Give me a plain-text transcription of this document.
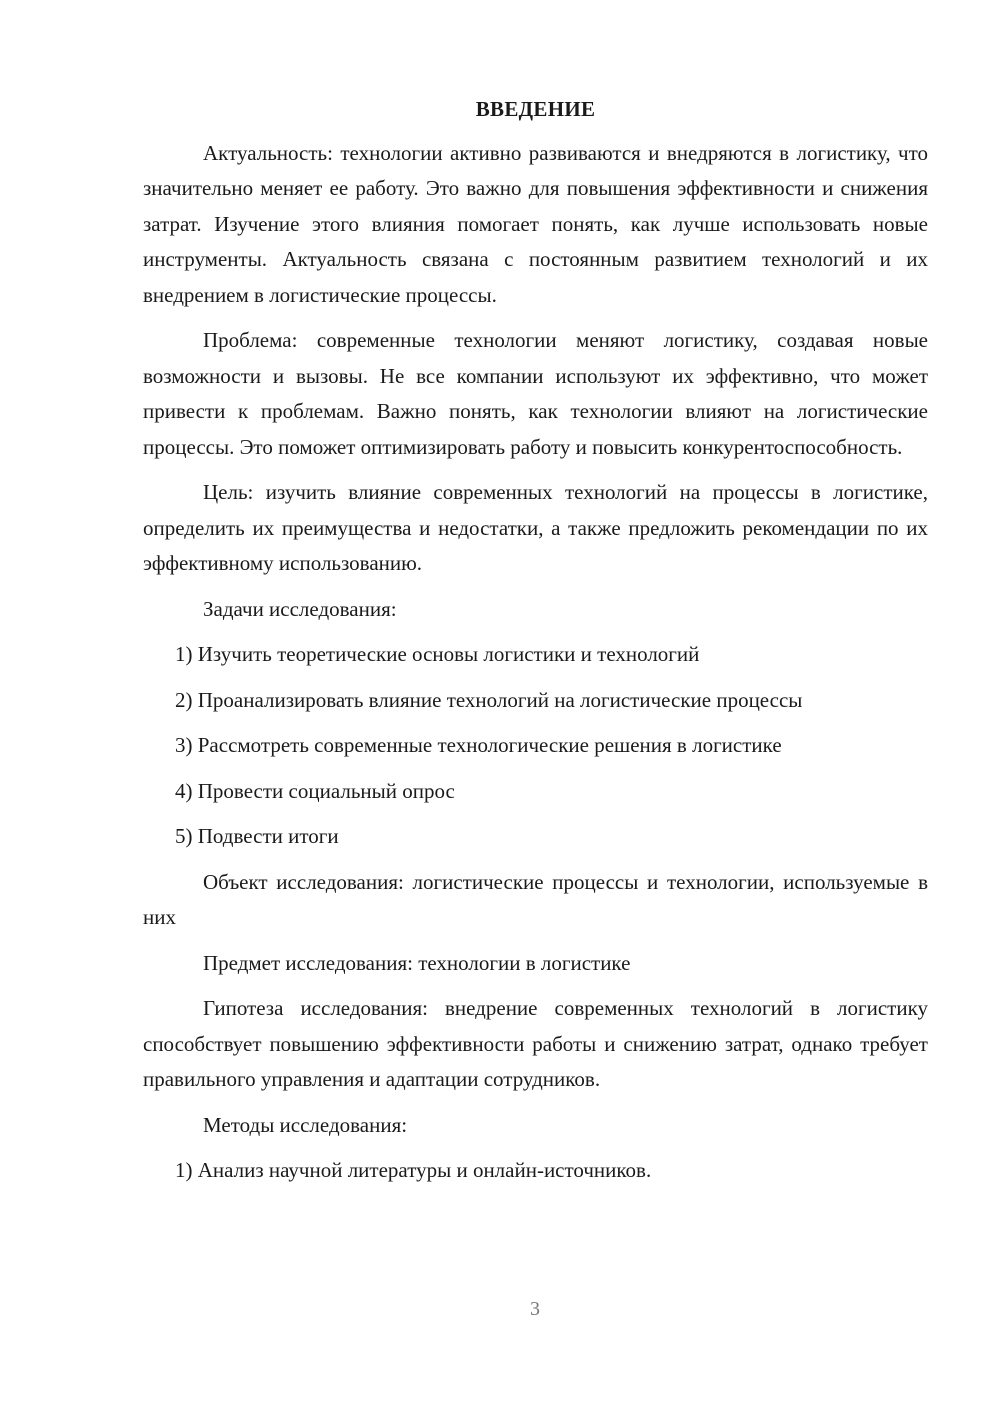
ВВЕДЕНИЕ

Актуальность: технологии активно развиваются и внедряются в логистику, что значительно меняет ее работу. Это важно для повышения эффективности и снижения затрат. Изучение этого влияния помогает понять, как лучше использовать новые инструменты. Актуальность связана с постоянным развитием технологий и их внедрением в логистические процессы.

Проблема: современные технологии меняют логистику, создавая новые возможности и вызовы. Не все компании используют их эффективно, что может привести к проблемам. Важно понять, как технологии влияют на логистические процессы. Это поможет оптимизировать работу и повысить конкурентоспособность.

Цель: изучить влияние современных технологий на процессы в логистике, определить их преимущества и недостатки, а также предложить рекомендации по их эффективному использованию.

Задачи исследования:

1) Изучить теоретические основы логистики и технологий

2) Проанализировать влияние технологий на логистические процессы

3) Рассмотреть современные технологические решения в логистике

4) Провести социальный опрос

5) Подвести итоги

Объект исследования: логистические процессы и технологии, используемые в них

Предмет исследования: технологии в логистике

Гипотеза исследования: внедрение современных технологий в логистику способствует повышению эффективности работы и снижению затрат, однако требует правильного управления и адаптации сотрудников.

Методы исследования:

1) Анализ научной литературы и онлайн-источников.

3
